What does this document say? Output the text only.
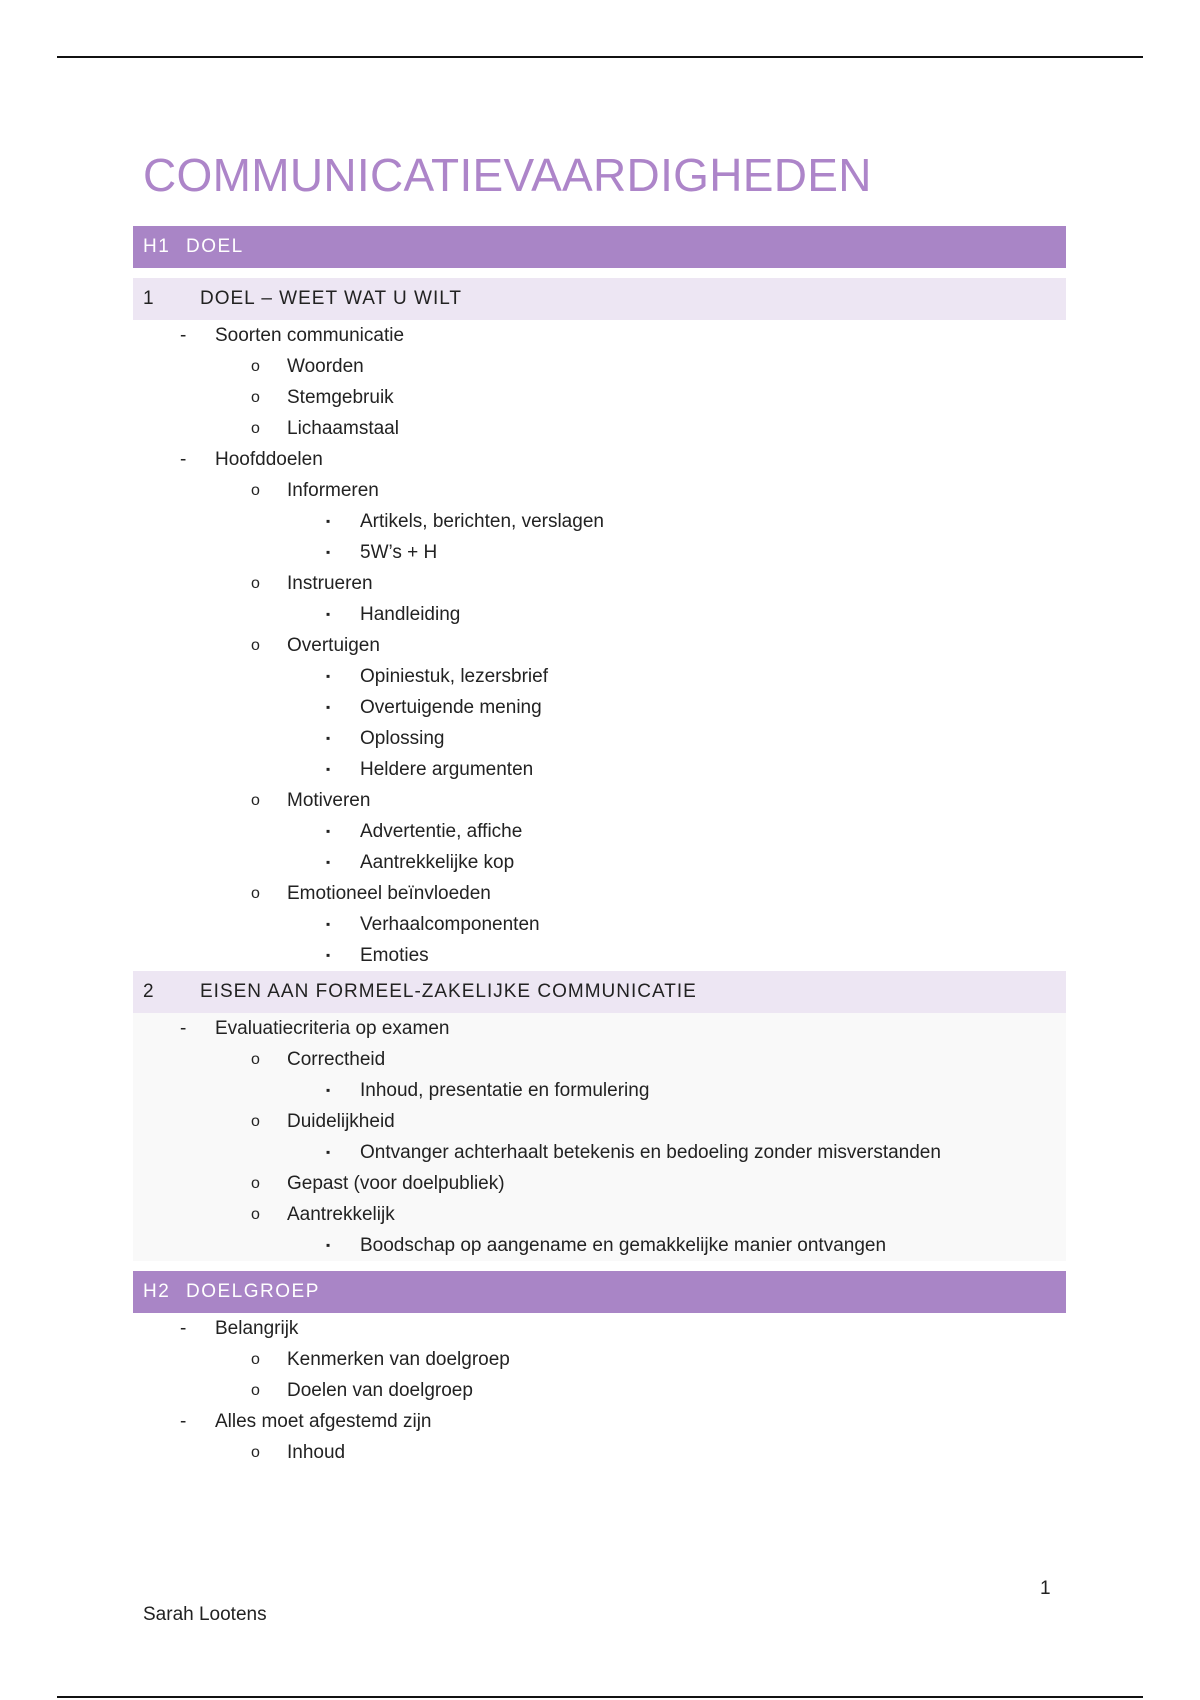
COMMUNICATIEVAARDIGHEDEN
H1 DOEL
1	DOEL – WEET WAT U WILT
- Soorten communicatie
o Woorden
o Stemgebruik
o Lichaamstaal
- Hoofddoelen
o Informeren
▪ Artikels, berichten, verslagen
▪ 5W’s + H
o Instrueren
▪ Handleiding
o Overtuigen
▪ Opiniestuk, lezersbrief
▪ Overtuigende mening
▪ Oplossing
▪ Heldere argumenten
o Motiveren
▪ Advertentie, affiche
▪ Aantrekkelijke kop
o Emotioneel beïnvloeden
▪ Verhaalcomponenten
▪ Emoties
2	EISEN AAN FORMEEL-ZAKELIJKE COMMUNICATIE
- Evaluatiecriteria op examen
o Correctheid
▪ Inhoud, presentatie en formulering
o Duidelijkheid
▪ Ontvanger achterhaalt betekenis en bedoeling zonder misverstanden
o Gepast (voor doelpubliek)
o Aantrekkelijk
▪ Boodschap op aangename en gemakkelijke manier ontvangen
H2 DOELGROEP
- Belangrijk
o Kenmerken van doelgroep
o Doelen van doelgroep
- Alles moet afgestemd zijn
o Inhoud
1
Sarah Lootens
